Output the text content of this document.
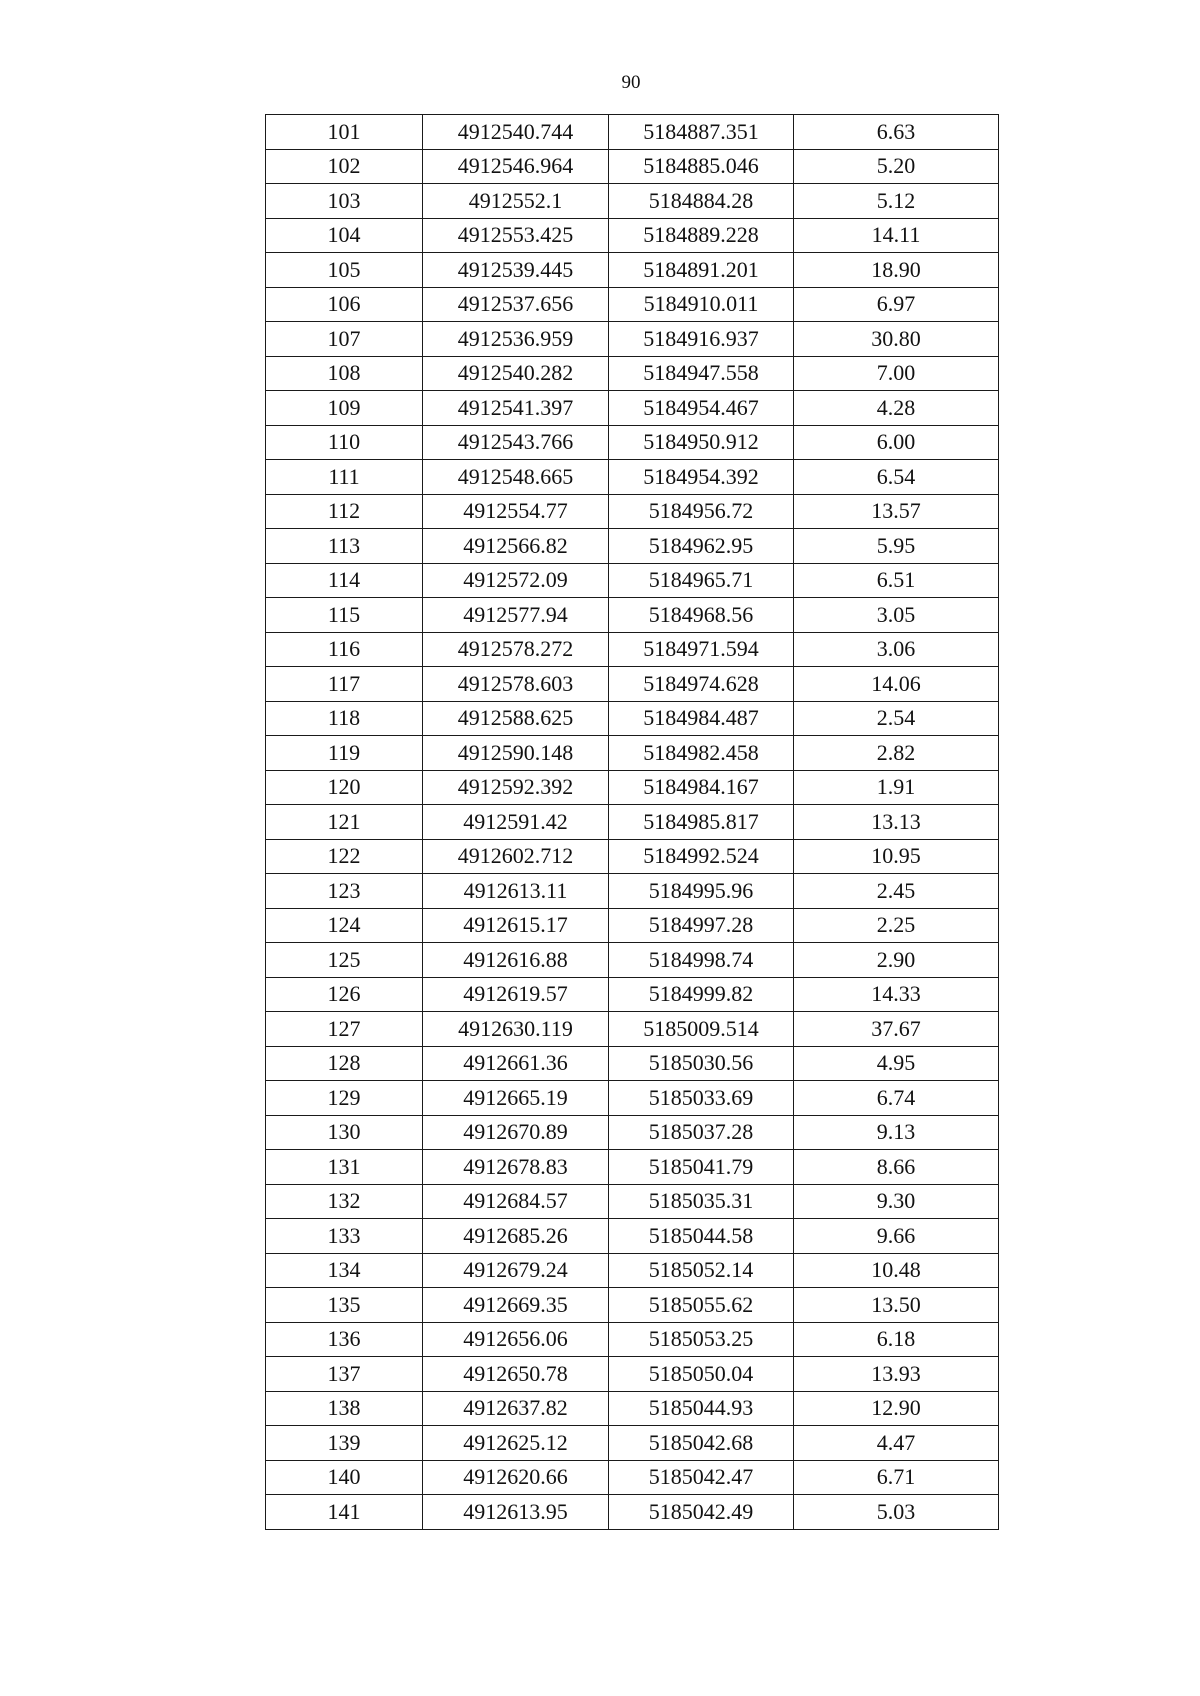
90
101	4912540.744	5184887.351	6.63
102	4912546.964	5184885.046	5.20
103	4912552.1	5184884.28	5.12
104	4912553.425	5184889.228	14.11
105	4912539.445	5184891.201	18.90
106	4912537.656	5184910.011	6.97
107	4912536.959	5184916.937	30.80
108	4912540.282	5184947.558	7.00
109	4912541.397	5184954.467	4.28
110	4912543.766	5184950.912	6.00
111	4912548.665	5184954.392	6.54
112	4912554.77	5184956.72	13.57
113	4912566.82	5184962.95	5.95
114	4912572.09	5184965.71	6.51
115	4912577.94	5184968.56	3.05
116	4912578.272	5184971.594	3.06
117	4912578.603	5184974.628	14.06
118	4912588.625	5184984.487	2.54
119	4912590.148	5184982.458	2.82
120	4912592.392	5184984.167	1.91
121	4912591.42	5184985.817	13.13
122	4912602.712	5184992.524	10.95
123	4912613.11	5184995.96	2.45
124	4912615.17	5184997.28	2.25
125	4912616.88	5184998.74	2.90
126	4912619.57	5184999.82	14.33
127	4912630.119	5185009.514	37.67
128	4912661.36	5185030.56	4.95
129	4912665.19	5185033.69	6.74
130	4912670.89	5185037.28	9.13
131	4912678.83	5185041.79	8.66
132	4912684.57	5185035.31	9.30
133	4912685.26	5185044.58	9.66
134	4912679.24	5185052.14	10.48
135	4912669.35	5185055.62	13.50
136	4912656.06	5185053.25	6.18
137	4912650.78	5185050.04	13.93
138	4912637.82	5185044.93	12.90
139	4912625.12	5185042.68	4.47
140	4912620.66	5185042.47	6.71
141	4912613.95	5185042.49	5.03
